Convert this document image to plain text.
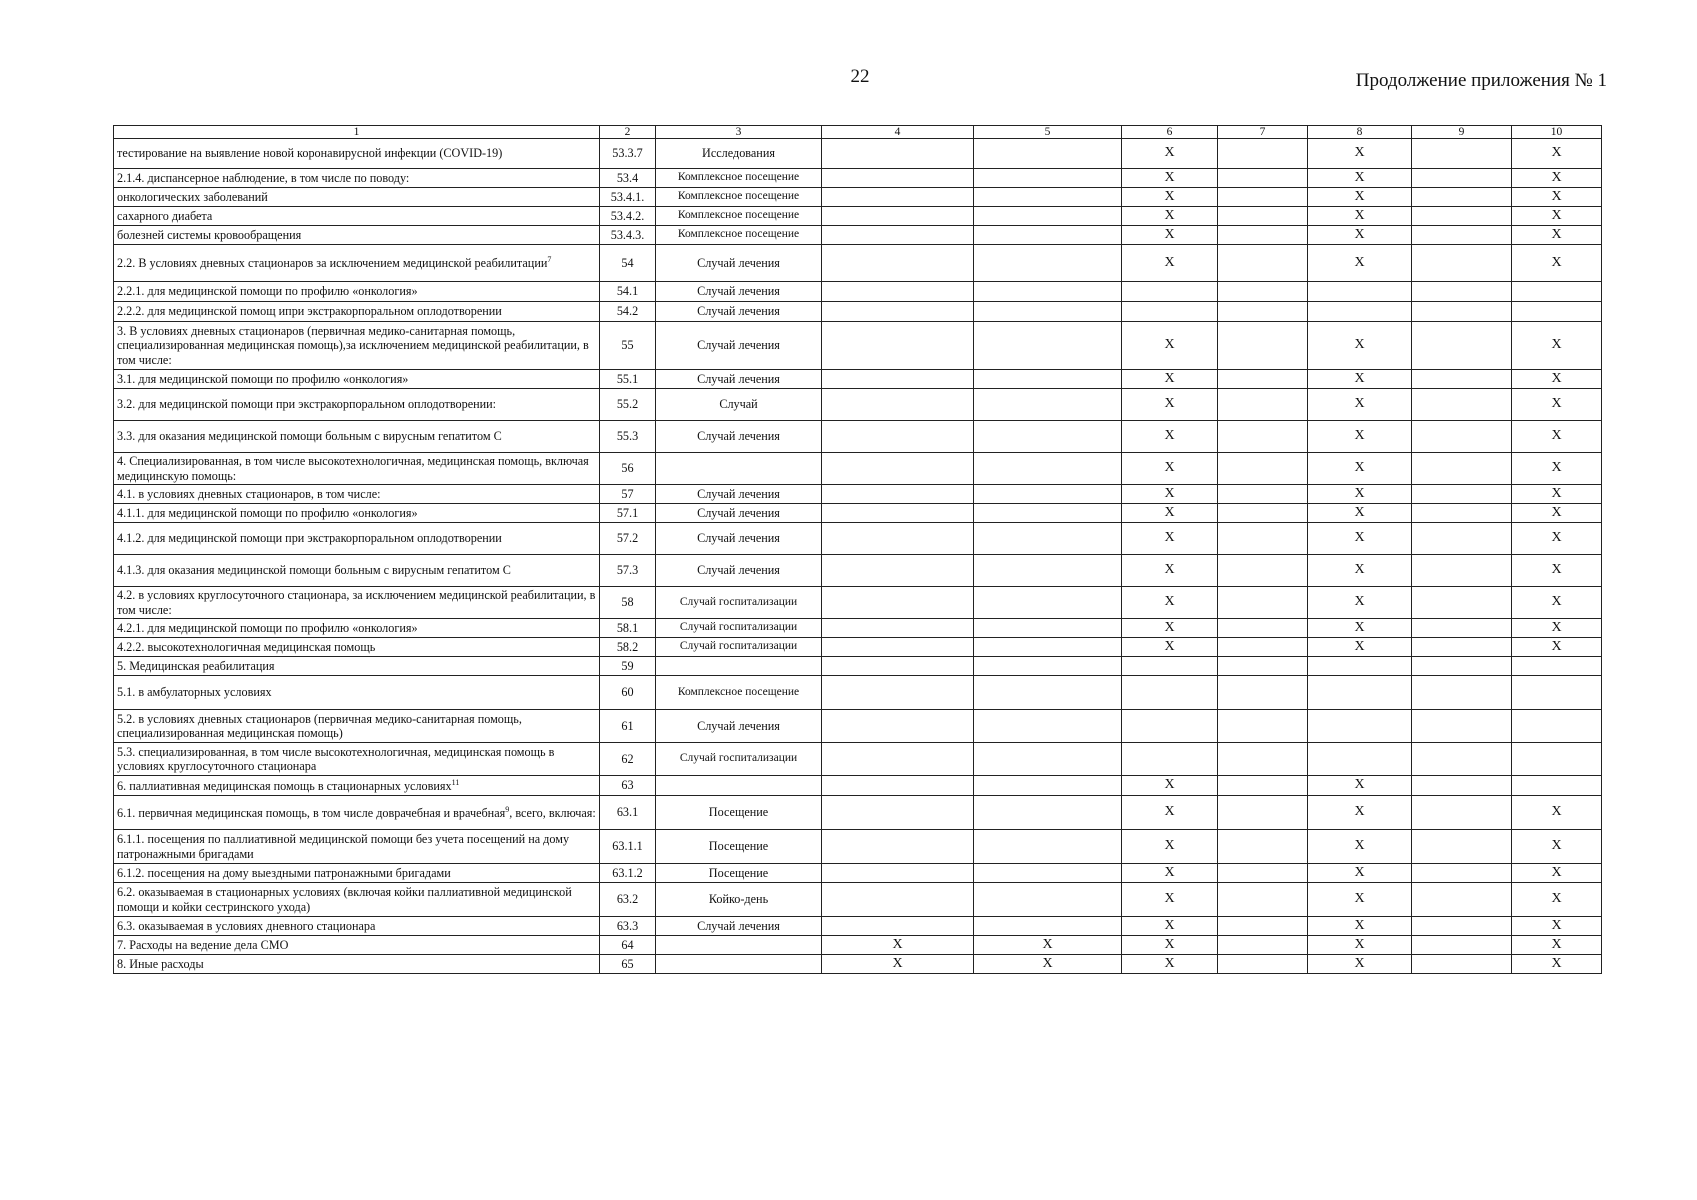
22	Продолжение приложения № 1
1	2	3	4	5	6	7	8	9	10
тестирование на выявление новой коронавирусной инфекции (COVID-19)	53.3.7	Исследования			X		X		X
2.1.4. диспансерное наблюдение, в том числе по поводу:	53.4	Комплексное посещение			X		X		X
онкологических заболеваний	53.4.1.	Комплексное посещение			X		X		X
сахарного диабета	53.4.2.	Комплексное посещение			X		X		X
болезней системы кровообращения	53.4.3.	Комплексное посещение			X		X		X
2.2. В условиях дневных стационаров за исключением медицинской реабилитации$^7$	54	Случай лечения			X		X		X
2.2.1. для медицинской помощи по профилю «онкология»	54.1	Случай лечения							
2.2.2. для медицинской помощ ипри экстракорпоральном оплодотворении	54.2	Случай лечения							
3. В условиях дневных стационаров (первичная медико-санитарная помощь, специализированная медицинская помощь),за исключением медицинской реабилитации, в том числе:	55	Случай лечения			X		X		X
3.1. для медицинской помощи по профилю «онкология»	55.1	Случай лечения			X		X		X
3.2. для медицинской помощи при экстракорпоральном оплодотворении:	55.2	Случай			X		X		X
3.3. для оказания медицинской помощи больным с вирусным гепатитом С	55.3	Случай лечения			X		X		X
4. Специализированная, в том числе высокотехнологичная, медицинская помощь, включая медицинскую помощь:	56				X		X		X
4.1. в условиях дневных стационаров, в том числе:	57	Случай лечения			X		X		X
4.1.1. для медицинской помощи по профилю «онкология»	57.1	Случай лечения			X		X		X
4.1.2. для медицинской помощи при экстракорпоральном оплодотворении	57.2	Случай лечения			X		X		X
4.1.3. для оказания медицинской помощи больным с вирусным гепатитом С	57.3	Случай лечения			X		X		X
4.2. в условиях круглосуточного стационара, за исключением медицинской реабилитации, в том числе:	58	Случай госпитализации			X		X		X
4.2.1. для медицинской помощи по профилю «онкология»	58.1	Случай госпитализации			X		X		X
4.2.2. высокотехнологичная медицинская помощь	58.2	Случай госпитализации			X		X		X
5. Медицинская реабилитация	59								
5.1. в амбулаторных условиях	60	Комплексное посещение							
5.2. в условиях дневных стационаров (первичная медико-санитарная помощь, специализированная медицинская помощь)	61	Случай лечения							
5.3. специализированная, в том числе высокотехнологичная, медицинская помощь в условиях круглосуточного стационара	62	Случай госпитализации							
6. паллиативная медицинская помощь в стационарных условиях$^{11}$	63				X		X		
6.1. первичная медицинская помощь, в том числе доврачебная и врачебная$^9$, всего, включая:	63.1	Посещение			X		X		X
6.1.1. посещения по паллиативной медицинской помощи без учета посещений на дому патронажными бригадами	63.1.1	Посещение			X		X		X
6.1.2. посещения на дому выездными патронажными бригадами	63.1.2	Посещение			X		X		X
6.2. оказываемая в стационарных условиях (включая койки паллиативной медицинской помощи и койки сестринского ухода)	63.2	Койко-день			X		X		X
6.3. оказываемая в условиях дневного стационара	63.3	Случай лечения			X		X		X
7. Расходы на ведение дела СМО	64		X	X	X		X		X
8. Иные расходы	65		X	X	X		X		X
